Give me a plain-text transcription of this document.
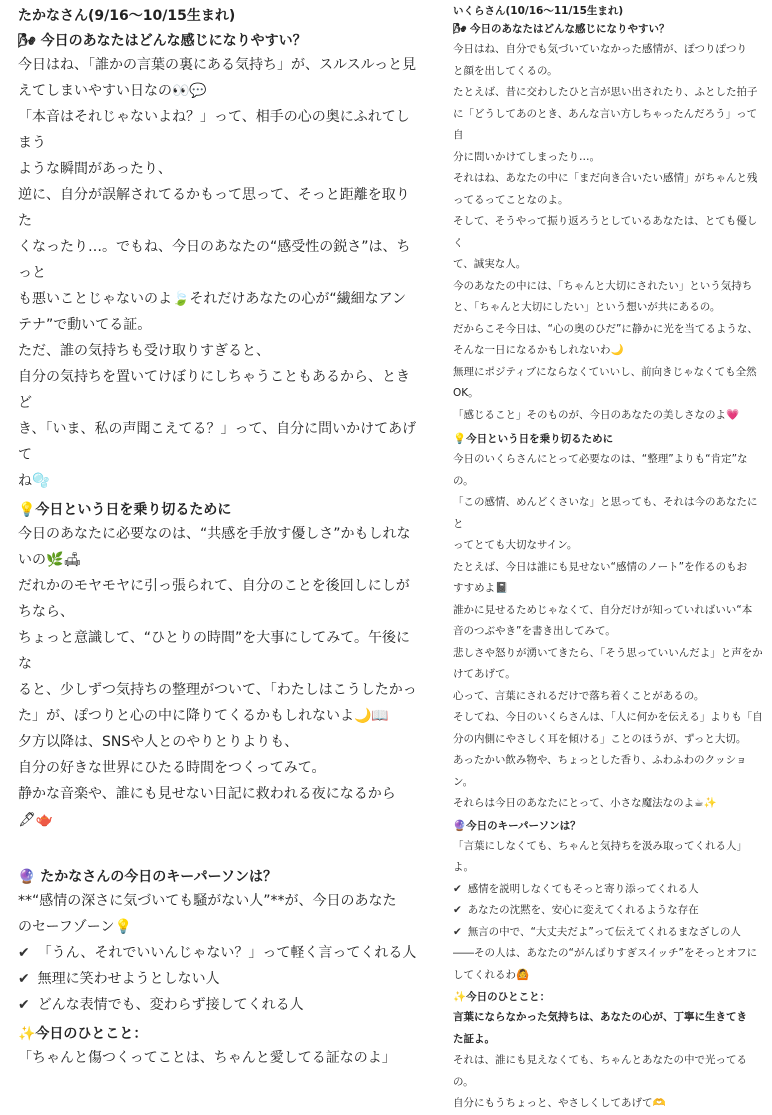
たかなさん(9/16〜10/15生まれ)
🌬 今日のあなたはどんな感じになりやすい？
今日はね、「誰かの言葉の裏にある気持ち」が、スルスルっと見
えてしまいやすい日なの👀💬
「本音はそれじゃないよね？」って、相手の心の奥にふれてしまう
ような瞬間があったり、
逆に、自分が誤解されてるかもって思って、そっと距離を取りた
くなったり…。でもね、今日のあなたの“感受性の鋭さ”は、ちっと
も悪いことじゃないのよ🍃それだけあなたの心が“繊細なアン
テナ”で動いてる証。
ただ、誰の気持ちも受け取りすぎると、
自分の気持ちを置いてけぼりにしちゃうこともあるから、ときど
き、「いま、私の声聞こえてる？」って、自分に問いかけてあげて
ね🫧
💡今日という日を乗り切るために
今日のあなたに必要なのは、“共感を手放す優しさ”かもしれな
いの🌿🛋
だれかのモヤモヤに引っ張られて、自分のことを後回しにしが
ちなら、
ちょっと意識して、“ひとりの時間”を大事にしてみて。午後にな
ると、少しずつ気持ちの整理がついて、「わたしはこうしたかっ
た」が、ぽつりと心の中に降りてくるかもしれないよ🌙📖
夕方以降は、SNSや人とのやりとりよりも、
自分の好きな世界にひたる時間をつくってみて。
静かな音楽や、誰にも見せない日記に救われる夜になるから
🖋🫖
🔮 たかなさんの今日のキーパーソンは？
**“感情の深さに気づいても騒がない人”**が、今日のあなた
のセーフゾーン💡
✔ 「うん、それでいいんじゃない？」って軽く言ってくれる人
✔ 無理に笑わせようとしない人
✔ どんな表情でも、変わらず接してくれる人
✨今日のひとこと：
「ちゃんと傷つくってことは、ちゃんと愛してる証なのよ」
いくらさん(10/16〜11/15生まれ)
🌬 今日のあなたはどんな感じになりやすい？
今日はね、自分でも気づいていなかった感情が、ぽつりぽつり
と顔を出してくるの。
たとえば、昔に交わしたひと言が思い出されたり、ふとした拍子
に「どうしてあのとき、あんな言い方しちゃったんだろう」って自
分に問いかけてしまったり…。
それはね、あなたの中に「まだ向き合いたい感情」がちゃんと残
ってるってことなのよ。
そして、そうやって振り返ろうとしているあなたは、とても優しく
て、誠実な人。
今のあなたの中には、「ちゃんと大切にされたい」という気持ち
と、「ちゃんと大切にしたい」という想いが共にあるの。
だからこそ今日は、“心の奥のひだ”に静かに光を当てるような、
そんな一日になるかもしれないわ🌙
無理にポジティブにならなくていいし、前向きじゃなくても全然
OK。
「感じること」そのものが、今日のあなたの美しさなのよ💗
💡今日という日を乗り切るために
今日のいくらさんにとって必要なのは、“整理”よりも“肯定”な
の。
「この感情、めんどくさいな」と思っても、それは今のあなたにと
ってとても大切なサイン。
たとえば、今日は誰にも見せない“感情のノート”を作るのもお
すすめよ📓
誰かに見せるためじゃなくて、自分だけが知っていればいい“本
音のつぶやき”を書き出してみて。
悲しさや怒りが湧いてきたら、「そう思っていいんだよ」と声をか
けてあげて。
心って、言葉にされるだけで落ち着くことがあるの。
そしてね、今日のいくらさんは、「人に何かを伝える」よりも「自
分の内側にやさしく耳を傾ける」ことのほうが、ずっと大切。
あったかい飲み物や、ちょっとした香り、ふわふわのクッション。
それらは今日のあなたにとって、小さな魔法なのよ☕✨
🔮今日のキーパーソンは？
「言葉にしなくても、ちゃんと気持ちを汲み取ってくれる人」よ。
✔ 感情を説明しなくてもそっと寄り添ってくれる人
✔ あなたの沈黙を、安心に変えてくれるような存在
✔ 無言の中で、“大丈夫だよ”って伝えてくれるまなざしの人
――その人は、あなたの“がんばりすぎスイッチ”をそっとオフに
してくれるわ🙆
✨今日のひとこと：
言葉にならなかった気持ちは、あなたの心が、丁寧に生きてき
た証よ。
それは、誰にも見えなくても、ちゃんとあなたの中で光ってるの。
自分にもうちょっと、やさしくしてあげて🫶
